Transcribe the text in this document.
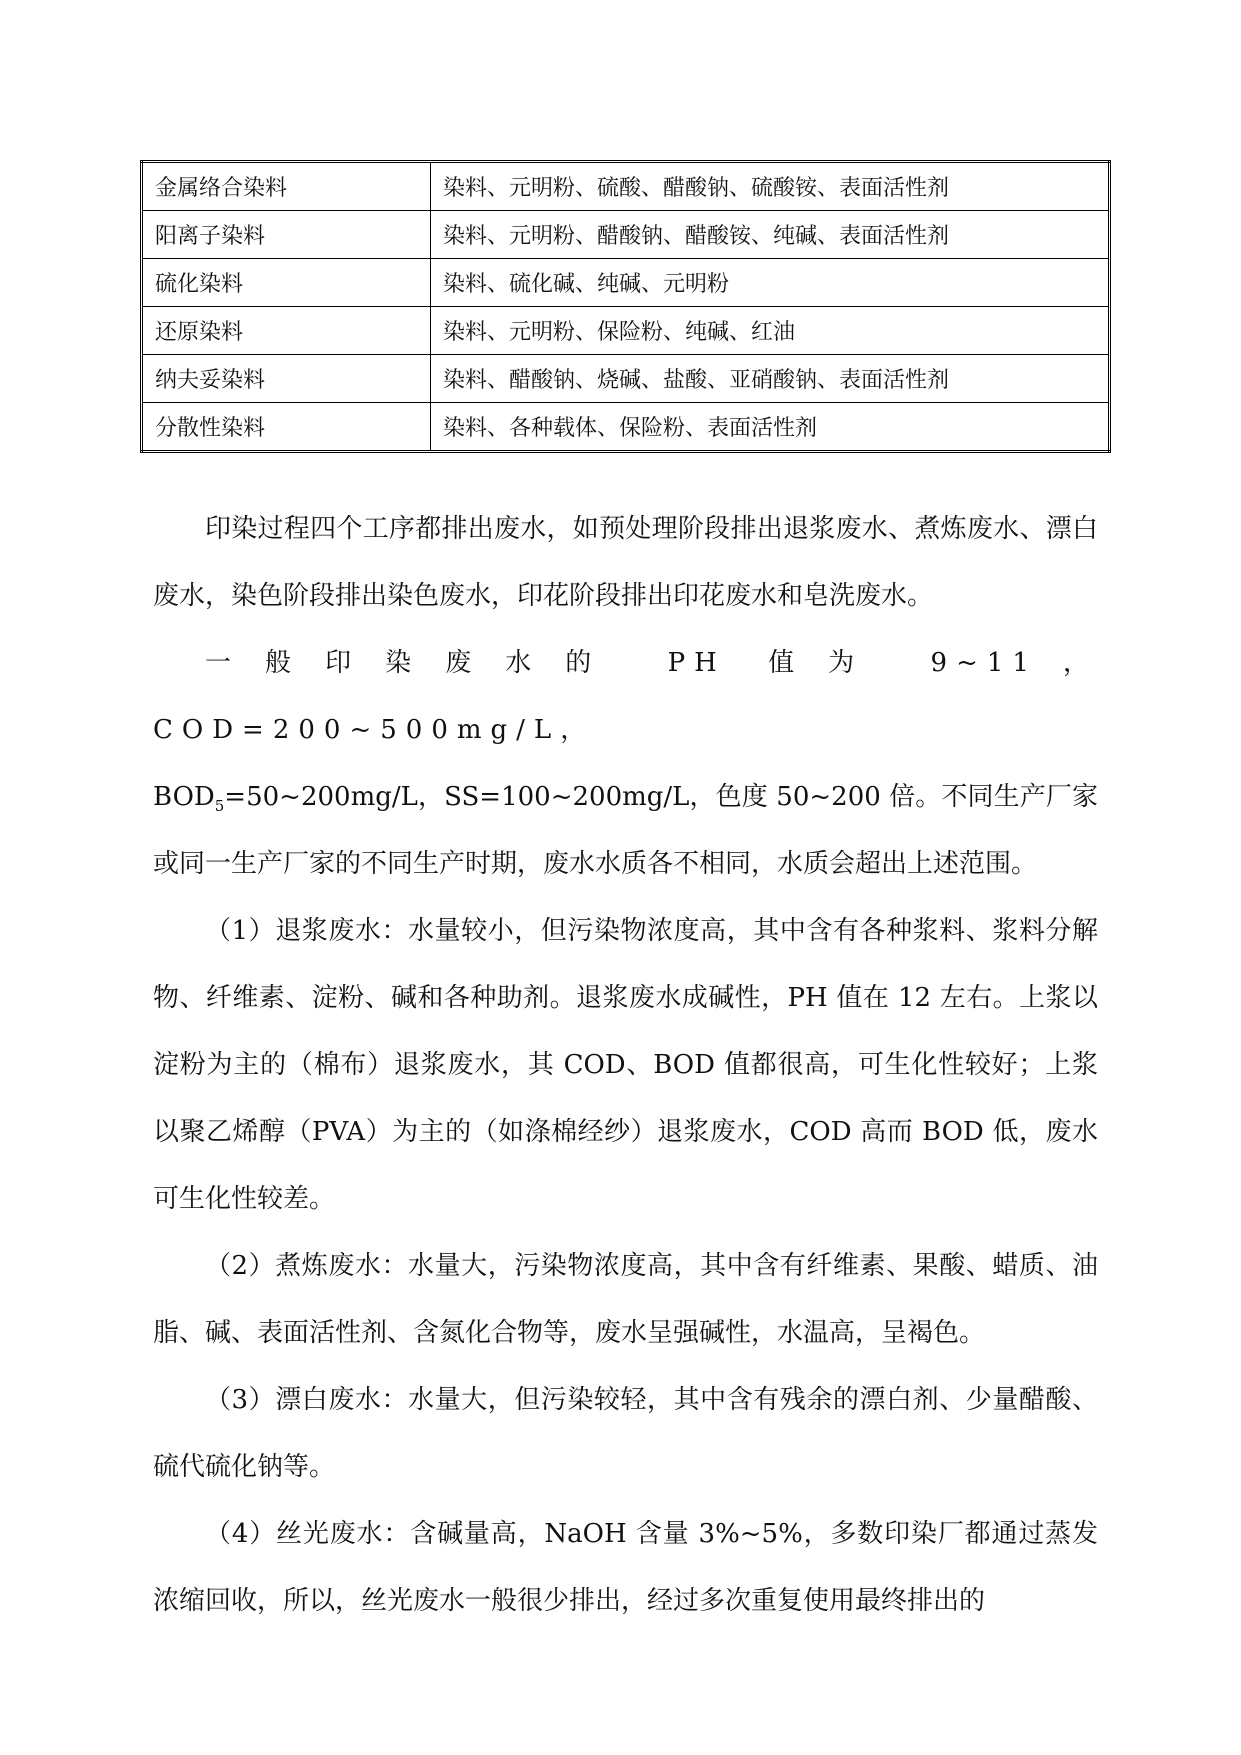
金属络合染料	染料、元明粉、硫酸、醋酸钠、硫酸铵、表面活性剂
阳离子染料	染料、元明粉、醋酸钠、醋酸铵、纯碱、表面活性剂
硫化染料	染料、硫化碱、纯碱、元明粉
还原染料	染料、元明粉、保险粉、纯碱、红油
纳夫妥染料	染料、醋酸钠、烧碱、盐酸、亚硝酸钠、表面活性剂
分散性染料	染料、各种载体、保险粉、表面活性剂

印染过程四个工序都排出废水，如预处理阶段排出退浆废水、煮炼废水、漂白废水，染色阶段排出染色废水，印花阶段排出印花废水和皂洗废水。

一般印染废水的 PH 值为 9~11， COD=200~500mg/L，
$BOD_5=50\sim 200mg/L$，SS=100~200mg/L，色度 50~200 倍。不同生产厂家或同一生产厂家的不同生产时期，废水水质各不相同，水质会超出上述范围。

（1）退浆废水：水量较小，但污染物浓度高，其中含有各种浆料、浆料分解物、纤维素、淀粉、碱和各种助剂。退浆废水成碱性，PH 值在 12 左右。上浆以淀粉为主的（棉布）退浆废水，其 COD、BOD 值都很高，可生化性较好；上浆以聚乙烯醇（PVA）为主的（如涤棉经纱）退浆废水，COD 高而 BOD 低，废水可生化性较差。

（2）煮炼废水：水量大，污染物浓度高，其中含有纤维素、果酸、蜡质、油脂、碱、表面活性剂、含氮化合物等，废水呈强碱性，水温高，呈褐色。

（3）漂白废水：水量大，但污染较轻，其中含有残余的漂白剂、少量醋酸、硫代硫化钠等。

（4）丝光废水：含碱量高，NaOH 含量 3%~5%，多数印染厂都通过蒸发浓缩回收，所以，丝光废水一般很少排出，经过多次重复使用最终排出的
